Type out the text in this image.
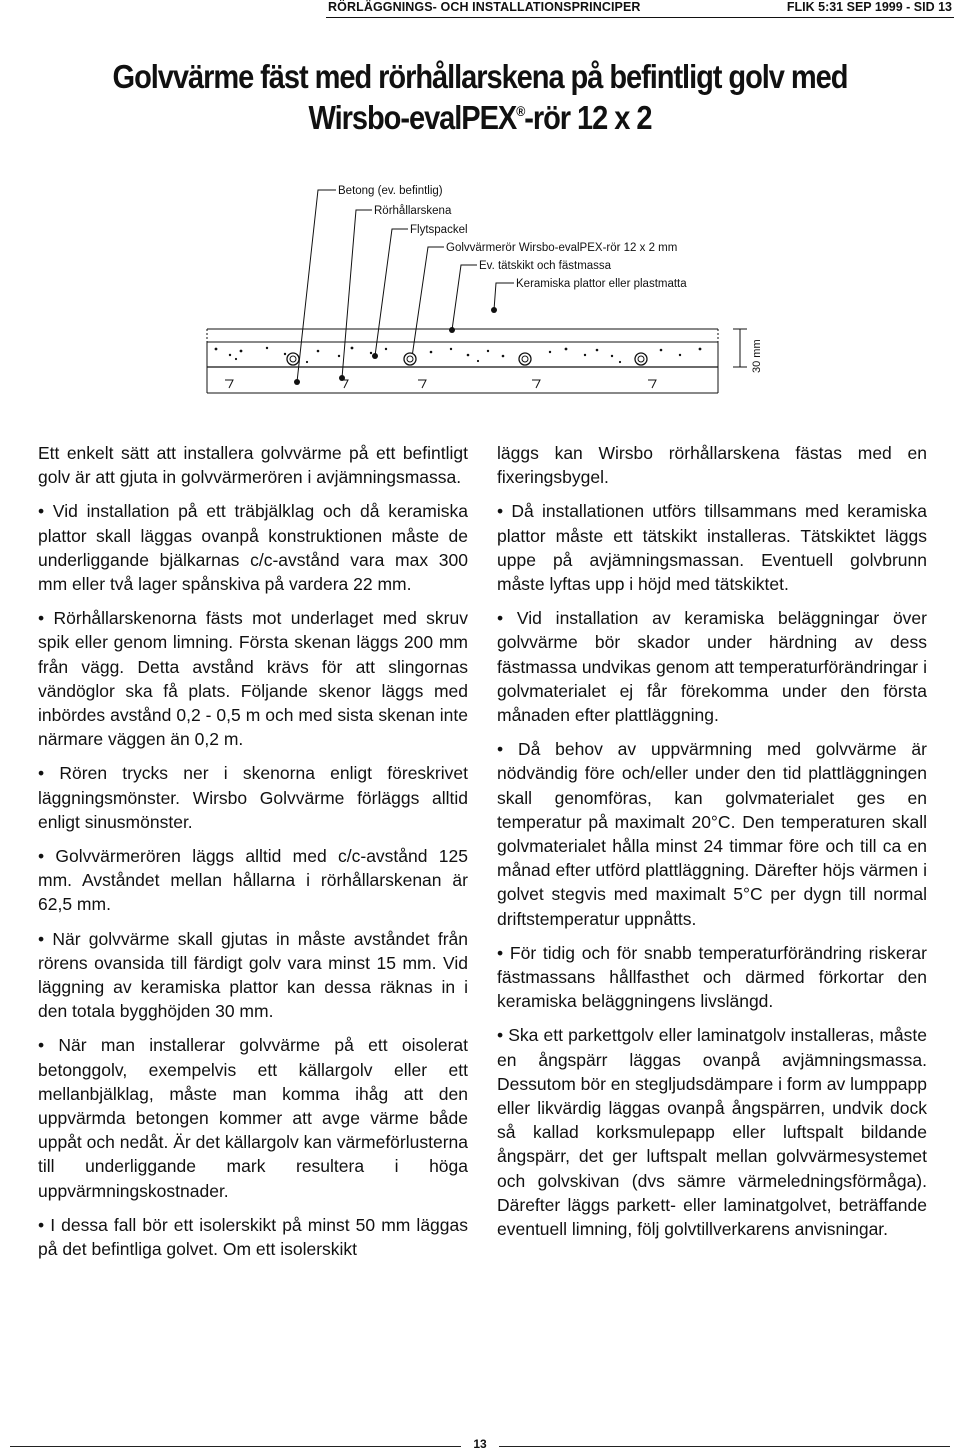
RÖRLÄGGNINGS- OCH INSTALLATIONSPRINCIPER	FLIK 5:31 SEP 1999 - SID 13
Golvvärme fäst med rörhållarskena på befintligt golv med
Wirsbo-evalPEX®-rör 12 x 2
Betong (ev. befintlig)
Rörhållarskena
Flytspackel
Golvvärmerör Wirsbo-evalPEX-rör 12 x 2 mm
Ev. tätskikt och fästmassa
Keramiska plattor eller plastmatta
30 mm

Ett enkelt sätt att installera golvvärme på ett befintligt golv är att gjuta in golvvärmerören i avjämningsmassa.

• Vid installation på ett träbjälklag och då keramiska plattor skall läggas ovanpå konstruktionen måste de underliggande bjälkarnas c/c-avstånd vara max 300 mm eller två lager spånskiva på vardera 22 mm.

• Rörhållarskenorna fästs mot underlaget med skruv spik eller genom limning. Första skenan läggs 200 mm från vägg. Detta avstånd krävs för att slingornas vändöglor ska få plats. Följande skenor läggs med inbördes avstånd 0,2 - 0,5 m och med sista skenan inte närmare väggen än 0,2 m.

• Rören trycks ner i skenorna enligt föreskrivet läggningsmönster. Wirsbo Golvvärme förläggs alltid enligt sinusmönster.

• Golvvärmerören läggs alltid med c/c-avstånd 125 mm. Avståndet mellan hållarna i rörhållarskenan är 62,5 mm.

• När golvvärme skall gjutas in måste avståndet från rörens ovansida till färdigt golv vara minst 15 mm. Vid läggning av keramiska plattor kan dessa räknas in i den totala bygghöjden 30 mm.

• När man installerar golvvärme på ett oisolerat betonggolv, exempelvis ett källargolv eller ett mellanbjälklag, måste man komma ihåg att den uppvärmda betongen kommer att avge värme både uppåt och nedåt. Är det källargolv kan värmeförlusterna till underliggande mark resultera i höga uppvärmningskostnader.

• I dessa fall bör ett isolerskikt på minst 50 mm läggas på det befintliga golvet. Om ett isolerskikt

läggs kan Wirsbo rörhållarskena fästas med en fixeringsbygel.

• Då installationen utförs tillsammans med keramiska plattor måste ett tätskikt installeras. Tätskiktet läggs uppe på avjämningsmassan. Eventuell golvbrunn måste lyftas upp i höjd med tätskiktet.

• Vid installation av keramiska beläggningar över golvvärme bör skador under härdning av dess fästmassa undvikas genom att temperaturförändringar i golvmaterialet ej får förekomma under den första månaden efter plattläggning.

• Då behov av uppvärmning med golvvärme är nödvändig före och/eller under den tid plattläggningen skall genomföras, kan golvmaterialet ges en temperatur på maximalt 20°C. Den temperaturen skall golvmaterialet hålla minst 24 timmar före och till ca en månad efter utförd plattläggning. Därefter höjs värmen i golvet stegvis med maximalt 5°C per dygn till normal driftstemperatur uppnåtts.

• För tidig och för snabb temperaturförändring riskerar fästmassans hållfasthet och därmed förkortar den keramiska beläggningens livslängd.

• Ska ett parkettgolv eller laminatgolv installeras, måste en ångspärr läggas ovanpå avjämningsmassa. Dessutom bör en stegljudsdämpare i form av lumppapp eller likvärdig läggas ovanpå ångspärren, undvik dock så kallad korksmulepapp eller luftspalt bildande ångspärr, det ger luftspalt mellan golvvärmesystemet och golvskivan (dvs sämre värmeledningsförmåga). Därefter läggs parkett- eller laminatgolvet, beträffande eventuell limning, följ golvtillverkarens anvisningar.

13
